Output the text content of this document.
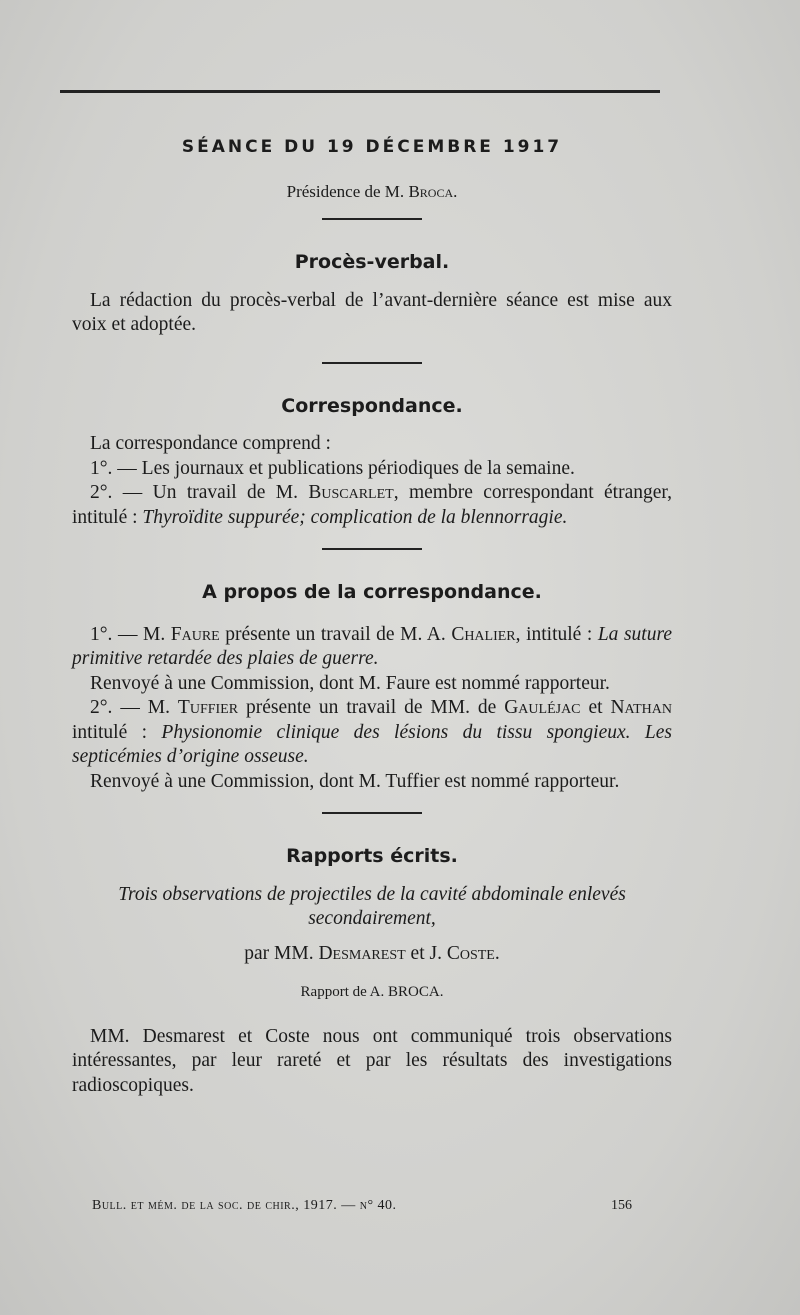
SÉANCE DU 19 DÉCEMBRE 1917
Présidence de M. Broca.
Procès-verbal.

La rédaction du procès-verbal de l’avant-dernière séance est mise aux voix et adoptée.

Correspondance.

La correspondance comprend :

1°. — Les journaux et publications périodiques de la semaine.

2°. — Un travail de M. Buscarlet, membre correspondant étranger, intitulé : Thyroïdite suppurée; complication de la blennorragie.

A propos de la correspondance.

1°. — M. Faure présente un travail de M. A. Chalier, intitulé : La suture primitive retardée des plaies de guerre.

Renvoyé à une Commission, dont M. Faure est nommé rapporteur.

2°. — M. Tuffier présente un travail de MM. de Gauléjac et Nathan intitulé : Physionomie clinique des lésions du tissu spongieux. Les septicémies d’origine osseuse.

Renvoyé à une Commission, dont M. Tuffier est nommé rapporteur.

Rapports écrits.
Trois observations de projectiles de la cavité abdominale enlevés secondairement,
par MM. Desmarest et J. Coste.
Rapport de A. BROCA.

MM. Desmarest et Coste nous ont communiqué trois observations intéressantes, par leur rareté et par les résultats des investigations radioscopiques.

Bull. et mém. de la soc. de chir., 1917. — n° 40.	156
